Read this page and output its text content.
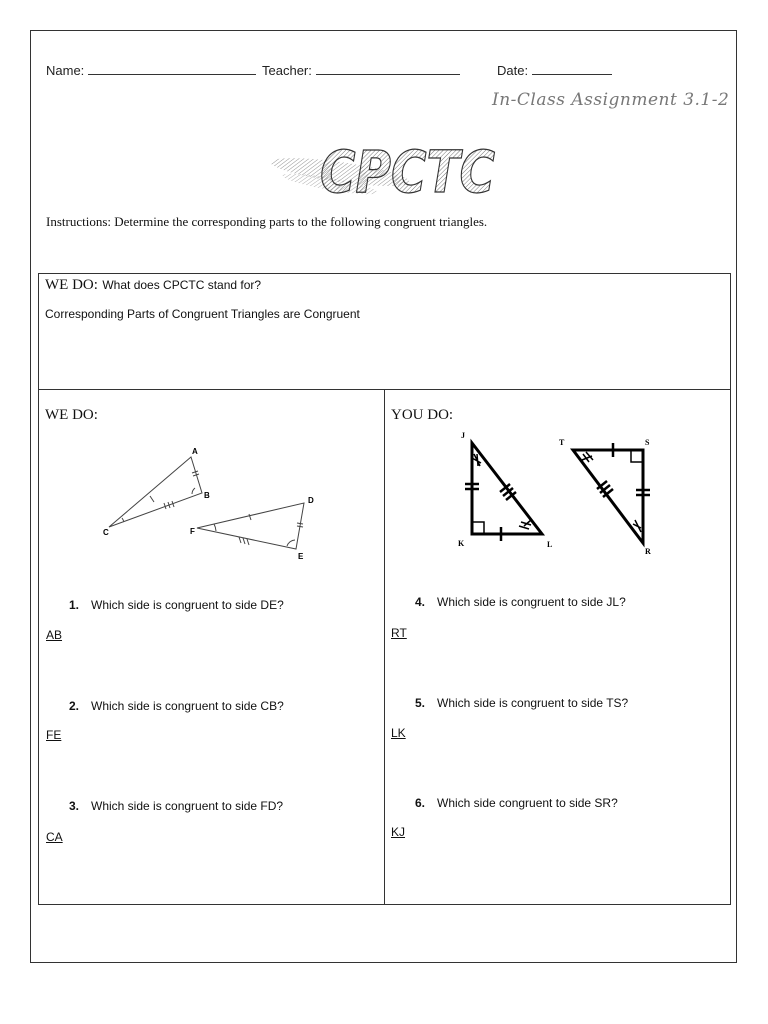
Name:	Teacher:	Date:
In-Class Assignment 3.1-2
CPCTC
Instructions: Determine the corresponding parts to the following congruent triangles.
WE DO: What does CPCTC stand for?
Corresponding Parts of Congruent Triangles are Congruent
WE DO:
A
B
C
D
E
F
1. Which side is congruent to side DE?
AB
2. Which side is congruent to side CB?
FE
3. Which side is congruent to side FD?
CA
YOU DO:
J
K	L
T	S
R
4. Which side is congruent to side JL?
RT
5. Which side is congruent to side TS?
LK
6. Which side congruent to side SR?
KJ
